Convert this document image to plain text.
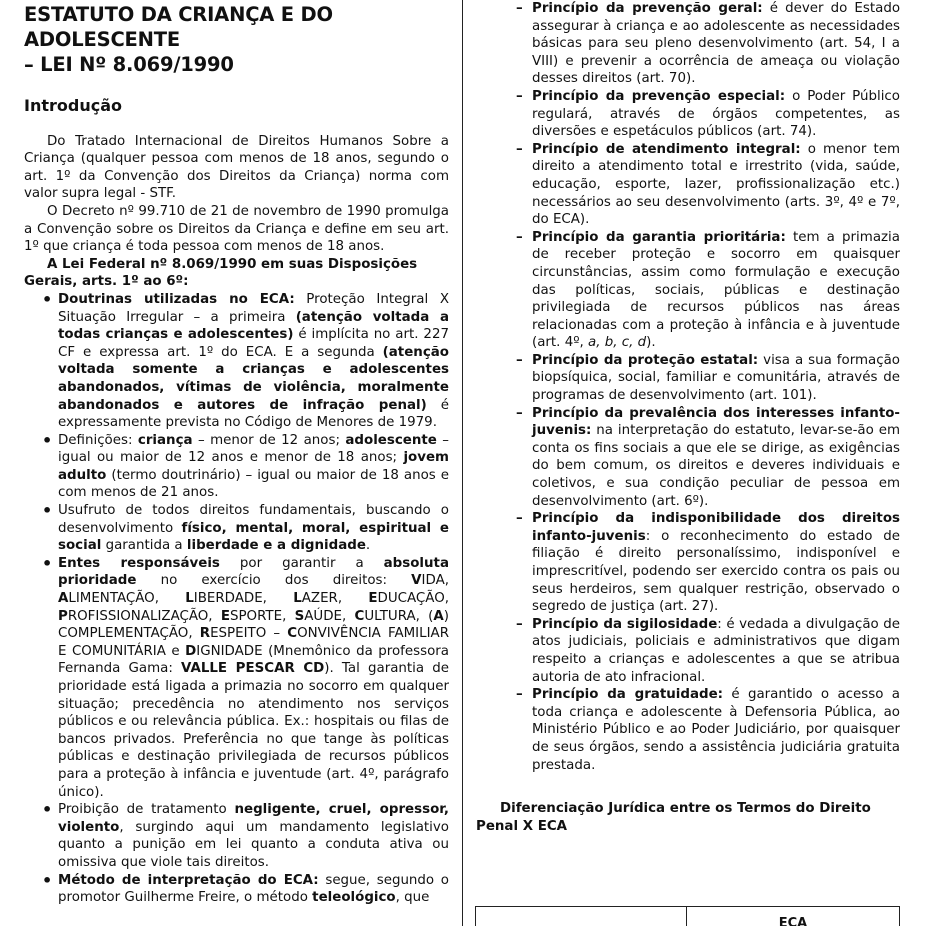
ESTATUTO DA CRIANÇA E DO ADOLESCENTE
– LEI Nº 8.069/1990
Introdução

Do Tratado Internacional de Direitos Humanos Sobre a Criança (qualquer pessoa com menos de 18 anos, segundo o art. 1º da Convenção dos Direitos da Criança) norma com valor supra legal - STF.

O Decreto nº 99.710 de 21 de novembro de 1990 promulga a Convenção sobre os Direitos da Criança e define em seu art. 1º que criança é toda pessoa com menos de 18 anos.

A Lei Federal nº 8.069/1990 em suas Disposições Gerais, arts. 1º ao 6º:

• Doutrinas utilizadas no ECA: Proteção Integral X Situação Irregular – a primeira (atenção voltada a todas crianças e adolescentes) é implícita no art. 227 CF e expressa art. 1º do ECA. E a segunda (atenção voltada somente a crianças e adolescentes abandonados, vítimas de violência, moralmente abandonados e autores de infração penal) é expressamente prevista no Código de Menores de 1979.
• Definições: criança – menor de 12 anos; adolescente – igual ou maior de 12 anos e menor de 18 anos; jovem adulto (termo doutrinário) – igual ou maior de 18 anos e com menos de 21 anos.
• Usufruto de todos direitos fundamentais, buscando o desenvolvimento físico, mental, moral, espiritual e social garantida a liberdade e a dignidade.
• Entes responsáveis por garantir a absoluta prioridade no exercício dos direitos: VIDA, ALIMENTAÇÃO, LIBERDADE, LAZER, EDUCAÇÃO, PROFISSIONALIZAÇÃO, ESPORTE, SAÚDE, CULTURA, (A) COMPLEMENTAÇÃO, RESPEITO – CONVIVÊNCIA FAMILIAR E COMUNITÁRIA e DIGNIDADE (Mnemônico da professora Fernanda Gama: VALLE PESCAR CD). Tal garantia de prioridade está ligada a primazia no socorro em qualquer situação; precedência no atendimento nos serviços públicos e ou relevância pública. Ex.: hospitais ou filas de bancos privados. Preferência no que tange às políticas públicas e destinação privilegiada de recursos públicos para a proteção à infância e juventude (art. 4º, parágrafo único).
• Proibição de tratamento negligente, cruel, opressor, violento, surgindo aqui um mandamento legislativo quanto a punição em lei quanto a conduta ativa ou omissiva que viole tais direitos.
• Método de interpretação do ECA: segue, segundo o promotor Guilherme Freire, o método teleológico, que
– Princípio da prevenção geral: é dever do Estado assegurar à criança e ao adolescente as necessidades básicas para seu pleno desenvolvimento (art. 54, I a VIII) e prevenir a ocorrência de ameaça ou violação desses direitos (art. 70).
– Princípio da prevenção especial: o Poder Público regulará, através de órgãos competentes, as diversões e espetáculos públicos (art. 74).
– Princípio de atendimento integral: o menor tem direito a atendimento total e irrestrito (vida, saúde, educação, esporte, lazer, profissionalização etc.) necessários ao seu desenvolvimento (arts. 3º, 4º e 7º, do ECA).
– Princípio da garantia prioritária: tem a primazia de receber proteção e socorro em quaisquer circunstâncias, assim como formulação e execução das políticas, sociais, públicas e destinação privilegiada de recursos públicos nas áreas relacionadas com a proteção à infância e à juventude (art. 4º, a, b, c, d).
– Princípio da proteção estatal: visa a sua formação biopsíquica, social, familiar e comunitária, através de programas de desenvolvimento (art. 101).
– Princípio da prevalência dos interesses infanto-juvenis: na interpretação do estatuto, levar-se-ão em conta os fins sociais a que ele se dirige, as exigências do bem comum, os direitos e deveres individuais e coletivos, e sua condição peculiar de pessoa em desenvolvimento (art. 6º).
– Princípio da indisponibilidade dos direitos infanto-juvenis: o reconhecimento do estado de filiação é direito personalíssimo, indisponível e imprescritível, podendo ser exercido contra os pais ou seus herdeiros, sem qualquer restrição, observado o segredo de justiça (art. 27).
– Princípio da sigilosidade: é vedada a divulgação de atos judiciais, policiais e administrativos que digam respeito a crianças e adolescentes a que se atribua autoria de ato infracional.
– Princípio da gratuidade: é garantido o acesso a toda criança e adolescente à Defensoria Pública, ao Ministério Público e ao Poder Judiciário, por quaisquer de seus órgãos, sendo a assistência judiciária gratuita prestada.

Diferenciação Jurídica entre os Termos do Direito Penal X ECA

ECA
